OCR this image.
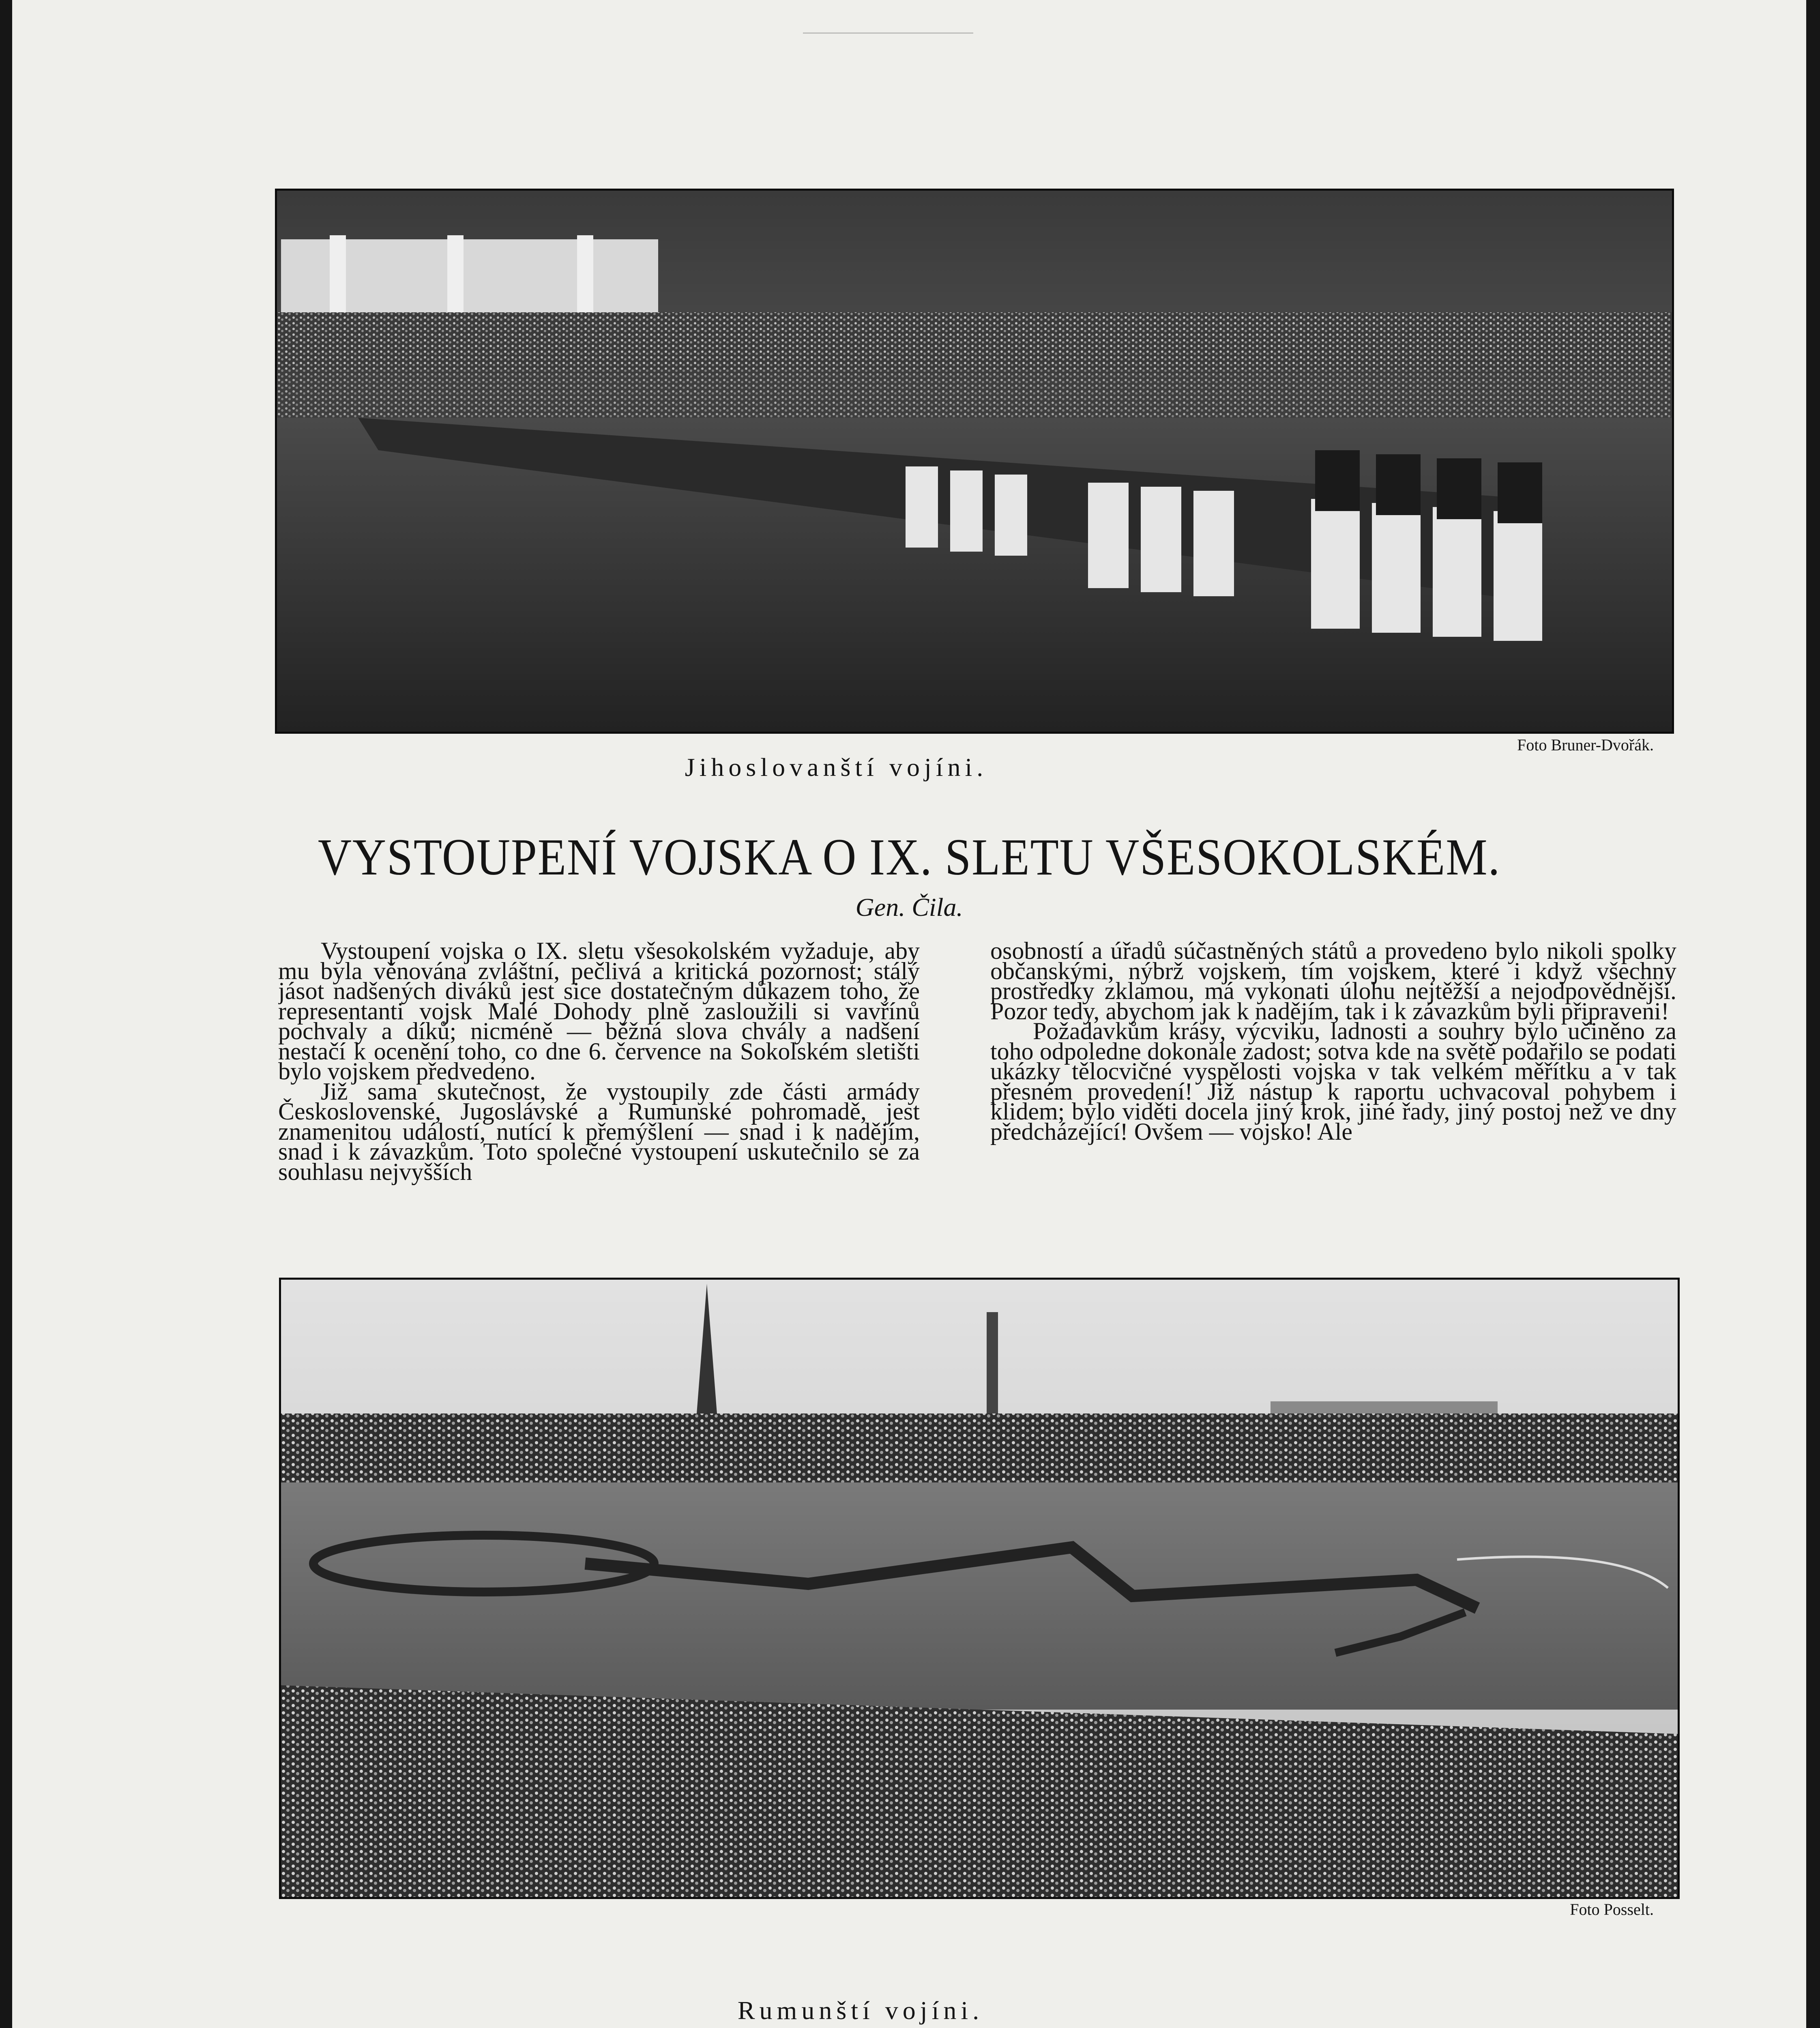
Foto Bruner-Dvořák.
Jihoslovanští vojíni.
VYSTOUPENÍ VOJSKA O IX. SLETU VŠESOKOLSKÉM.
Gen. Čila.

Vystoupení vojska o IX. sletu všesokolském vyžaduje, aby mu byla věnována zvláštní, pečlivá a kritická pozornost; stálý jásot nadšených diváků jest sice dostatečným důkazem toho, že representanti vojsk Malé Dohody plně zasloužili si vavřínů pochvaly a díků; nicméně — běžná slova chvály a nadšení nestačí k ocenění toho, co dne 6. července na Sokolském sletišti bylo vojskem předvedeno.

Již sama skutečnost, že vystoupily zde části armády Československé, Jugoslávské a Rumunské pohromadě, jest znamenitou událostí, nutící k přemýšlení — snad i k nadějím, snad i k závazkům. Toto společné vystoupení uskutečnilo se za souhlasu nejvyšších

osobností a úřadů súčastněných států a provedeno bylo nikoli spolky občanskými, nýbrž vojskem, tím vojskem, které i když všechny prostředky zklamou, má vykonati úlohu nejtěžší a nejodpovědnější. Pozor tedy, abychom jak k nadějím, tak i k závazkům byli připraveni!

Požadavkům krásy, výcviku, ladnosti a souhry bylo učiněno za toho odpoledne dokonale zadost; sotva kde na světě podařilo se podati ukázky tělocvičné vyspělosti vojska v tak velkém měřítku a v tak přesném provedení! Již nástup k raportu uchvacoval pohybem i klidem; bylo viděti docela jiný krok, jiné řady, jiný postoj než ve dny předcházející! Ovšem — vojsko! Ale

Foto Posselt.
Rumunští vojíni.
